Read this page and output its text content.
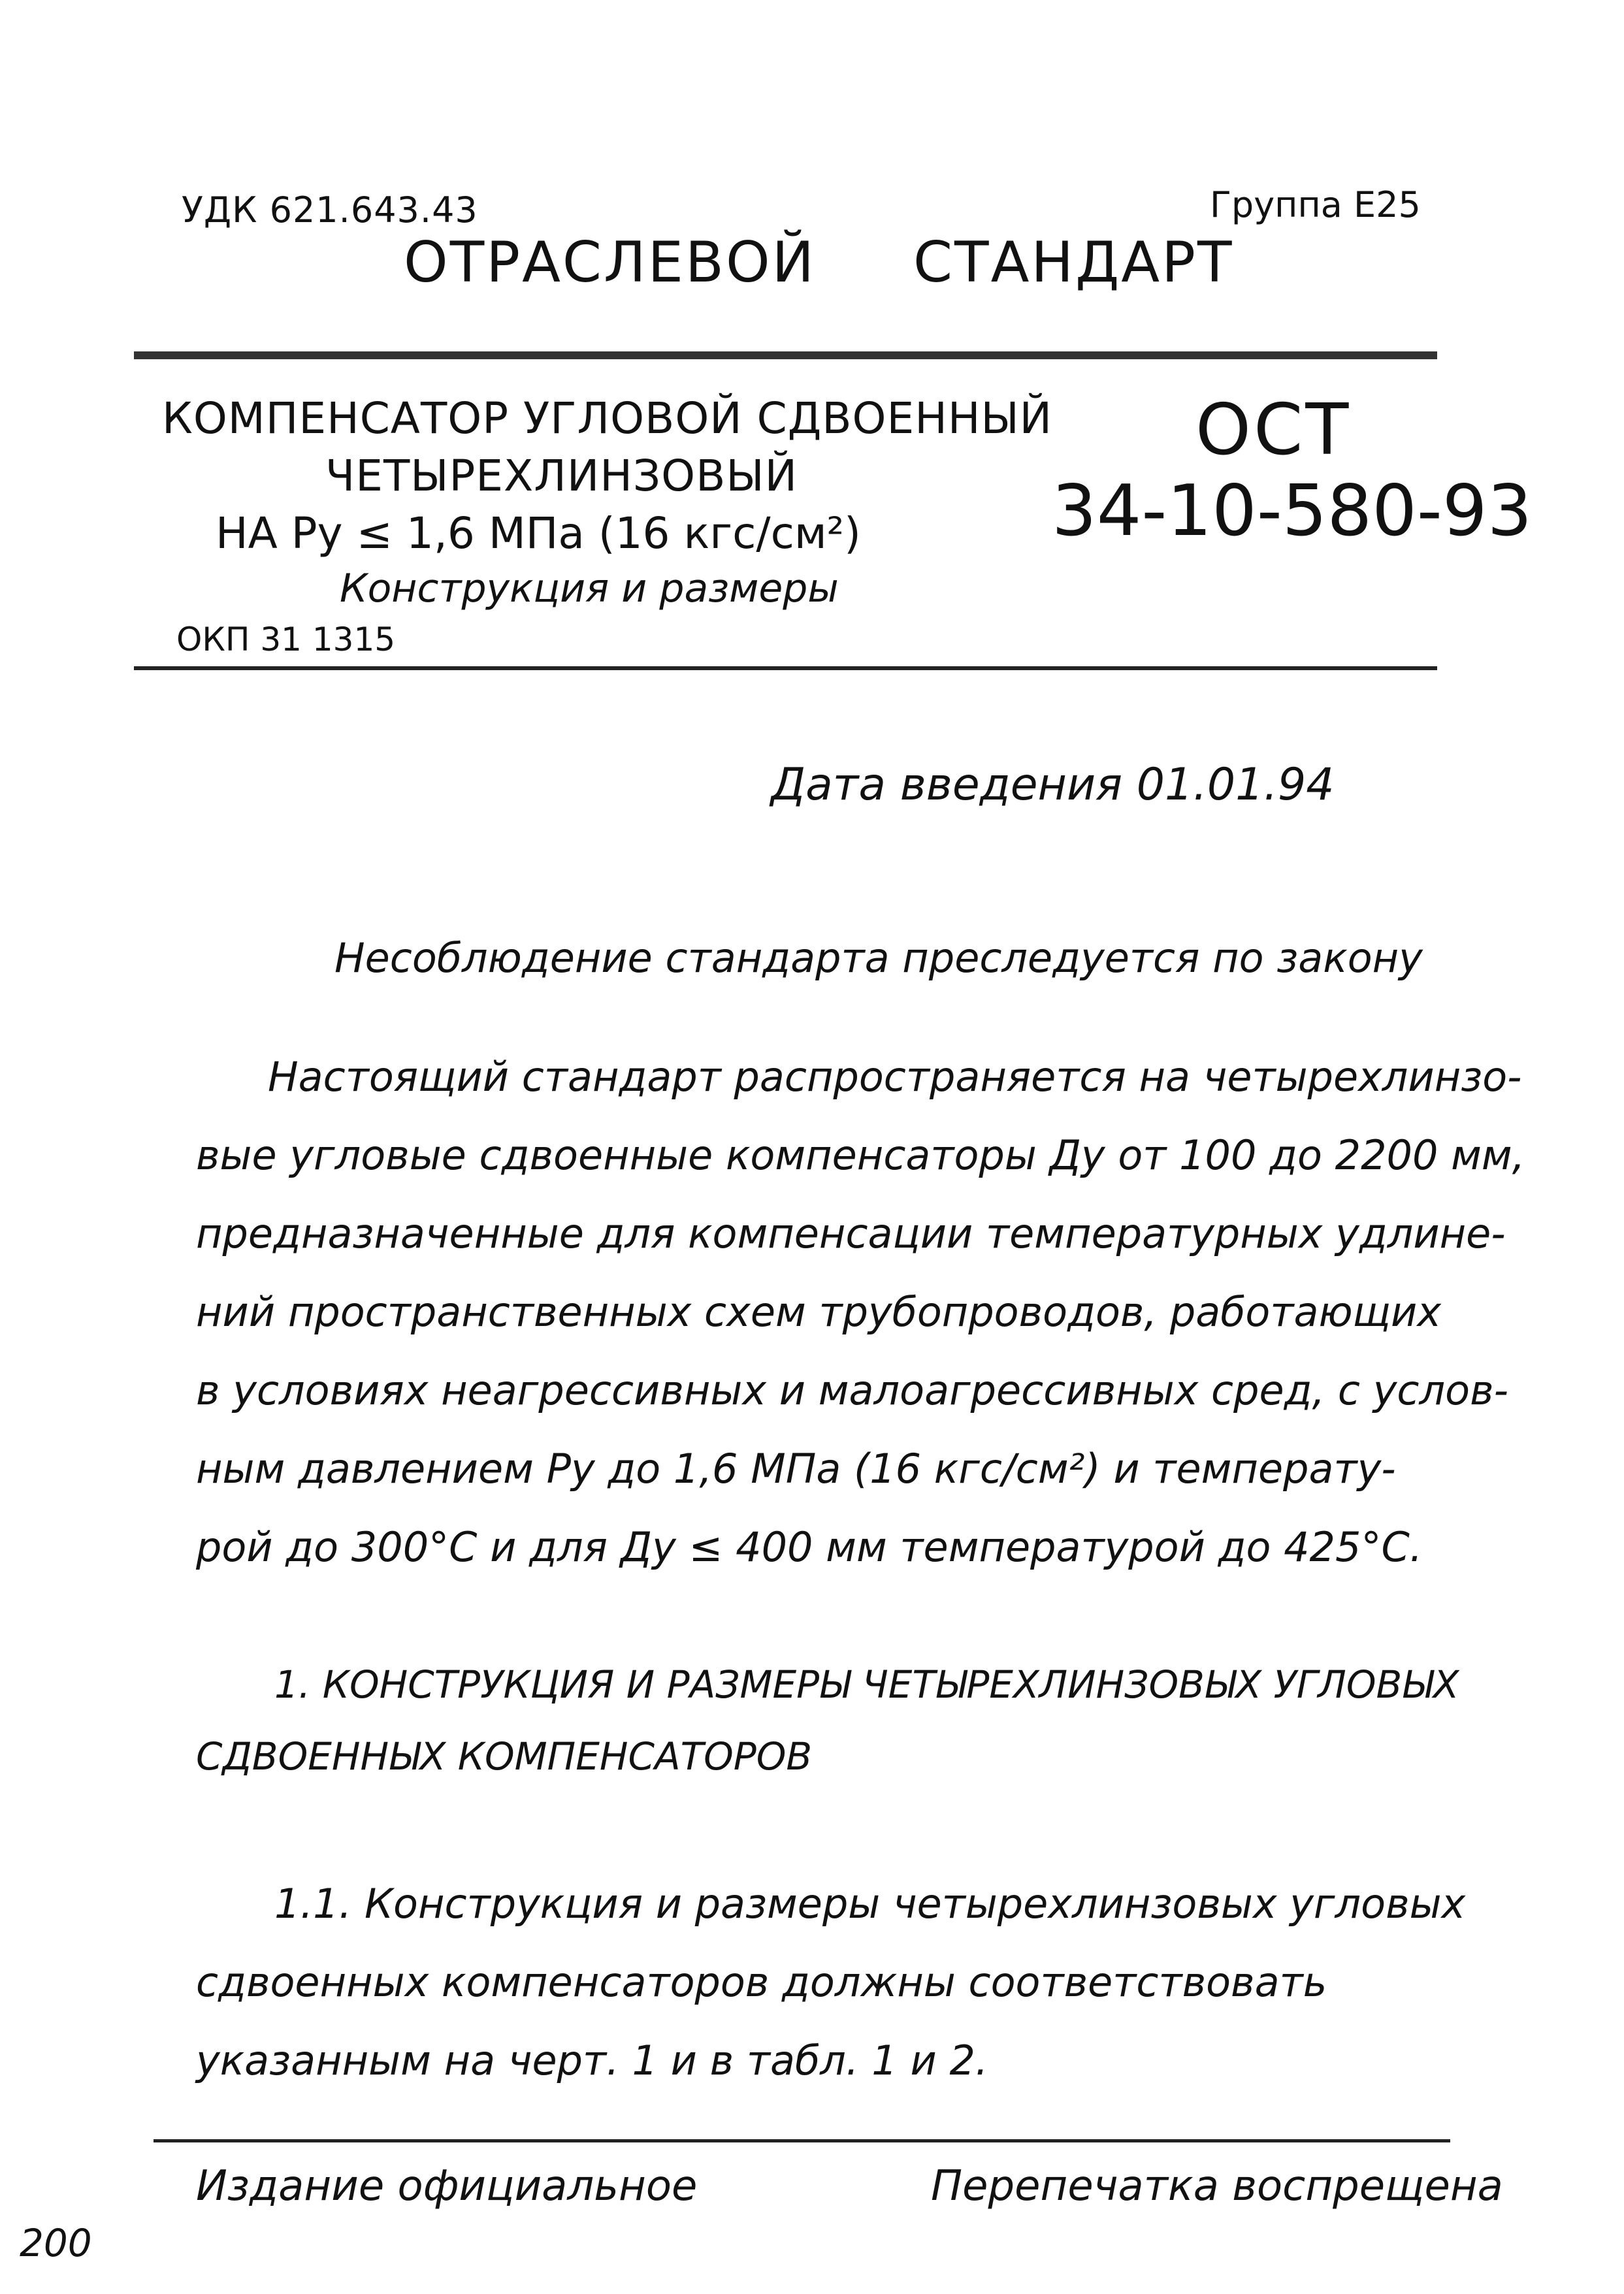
УДК 621.643.43	Группа Е25
ОТРАСЛЕВОЙ СТАНДАРТ
КОМПЕНСАТОР УГЛОВОЙ СДВОЕННЫЙ
ЧЕТЫРЕХЛИНЗОВЫЙ
НА Ру ≤ 1,6 МПа (16 кгс/см²)
Конструкция и размеры
ОКП 31 1315
ОСТ
34-10-580-93
Дата введения 01.01.94
Несоблюдение стандарта преследуется по закону
Настоящий стандарт распространяется на четырехлинзо-
вые угловые сдвоенные компенсаторы Ду от 100 до 2200 мм,
предназначенные для компенсации температурных удлине-
ний пространственных схем трубопроводов, работающих
в условиях неагрессивных и малоагрессивных сред, с услов-
ным давлением Ру до 1,6 МПа (16 кгс/см²) и температу-
рой до 300°С и для Ду ≤ 400 мм температурой до 425°С.
1. КОНСТРУКЦИЯ И РАЗМЕРЫ ЧЕТЫРЕХЛИНЗОВЫХ УГЛОВЫХ
СДВОЕННЫХ КОМПЕНСАТОРОВ
1.1. Конструкция и размеры четырехлинзовых угловых
сдвоенных компенсаторов должны соответствовать
указанным на черт. 1 и в табл. 1 и 2.
Издание официальное	Перепечатка воспрещена
200
